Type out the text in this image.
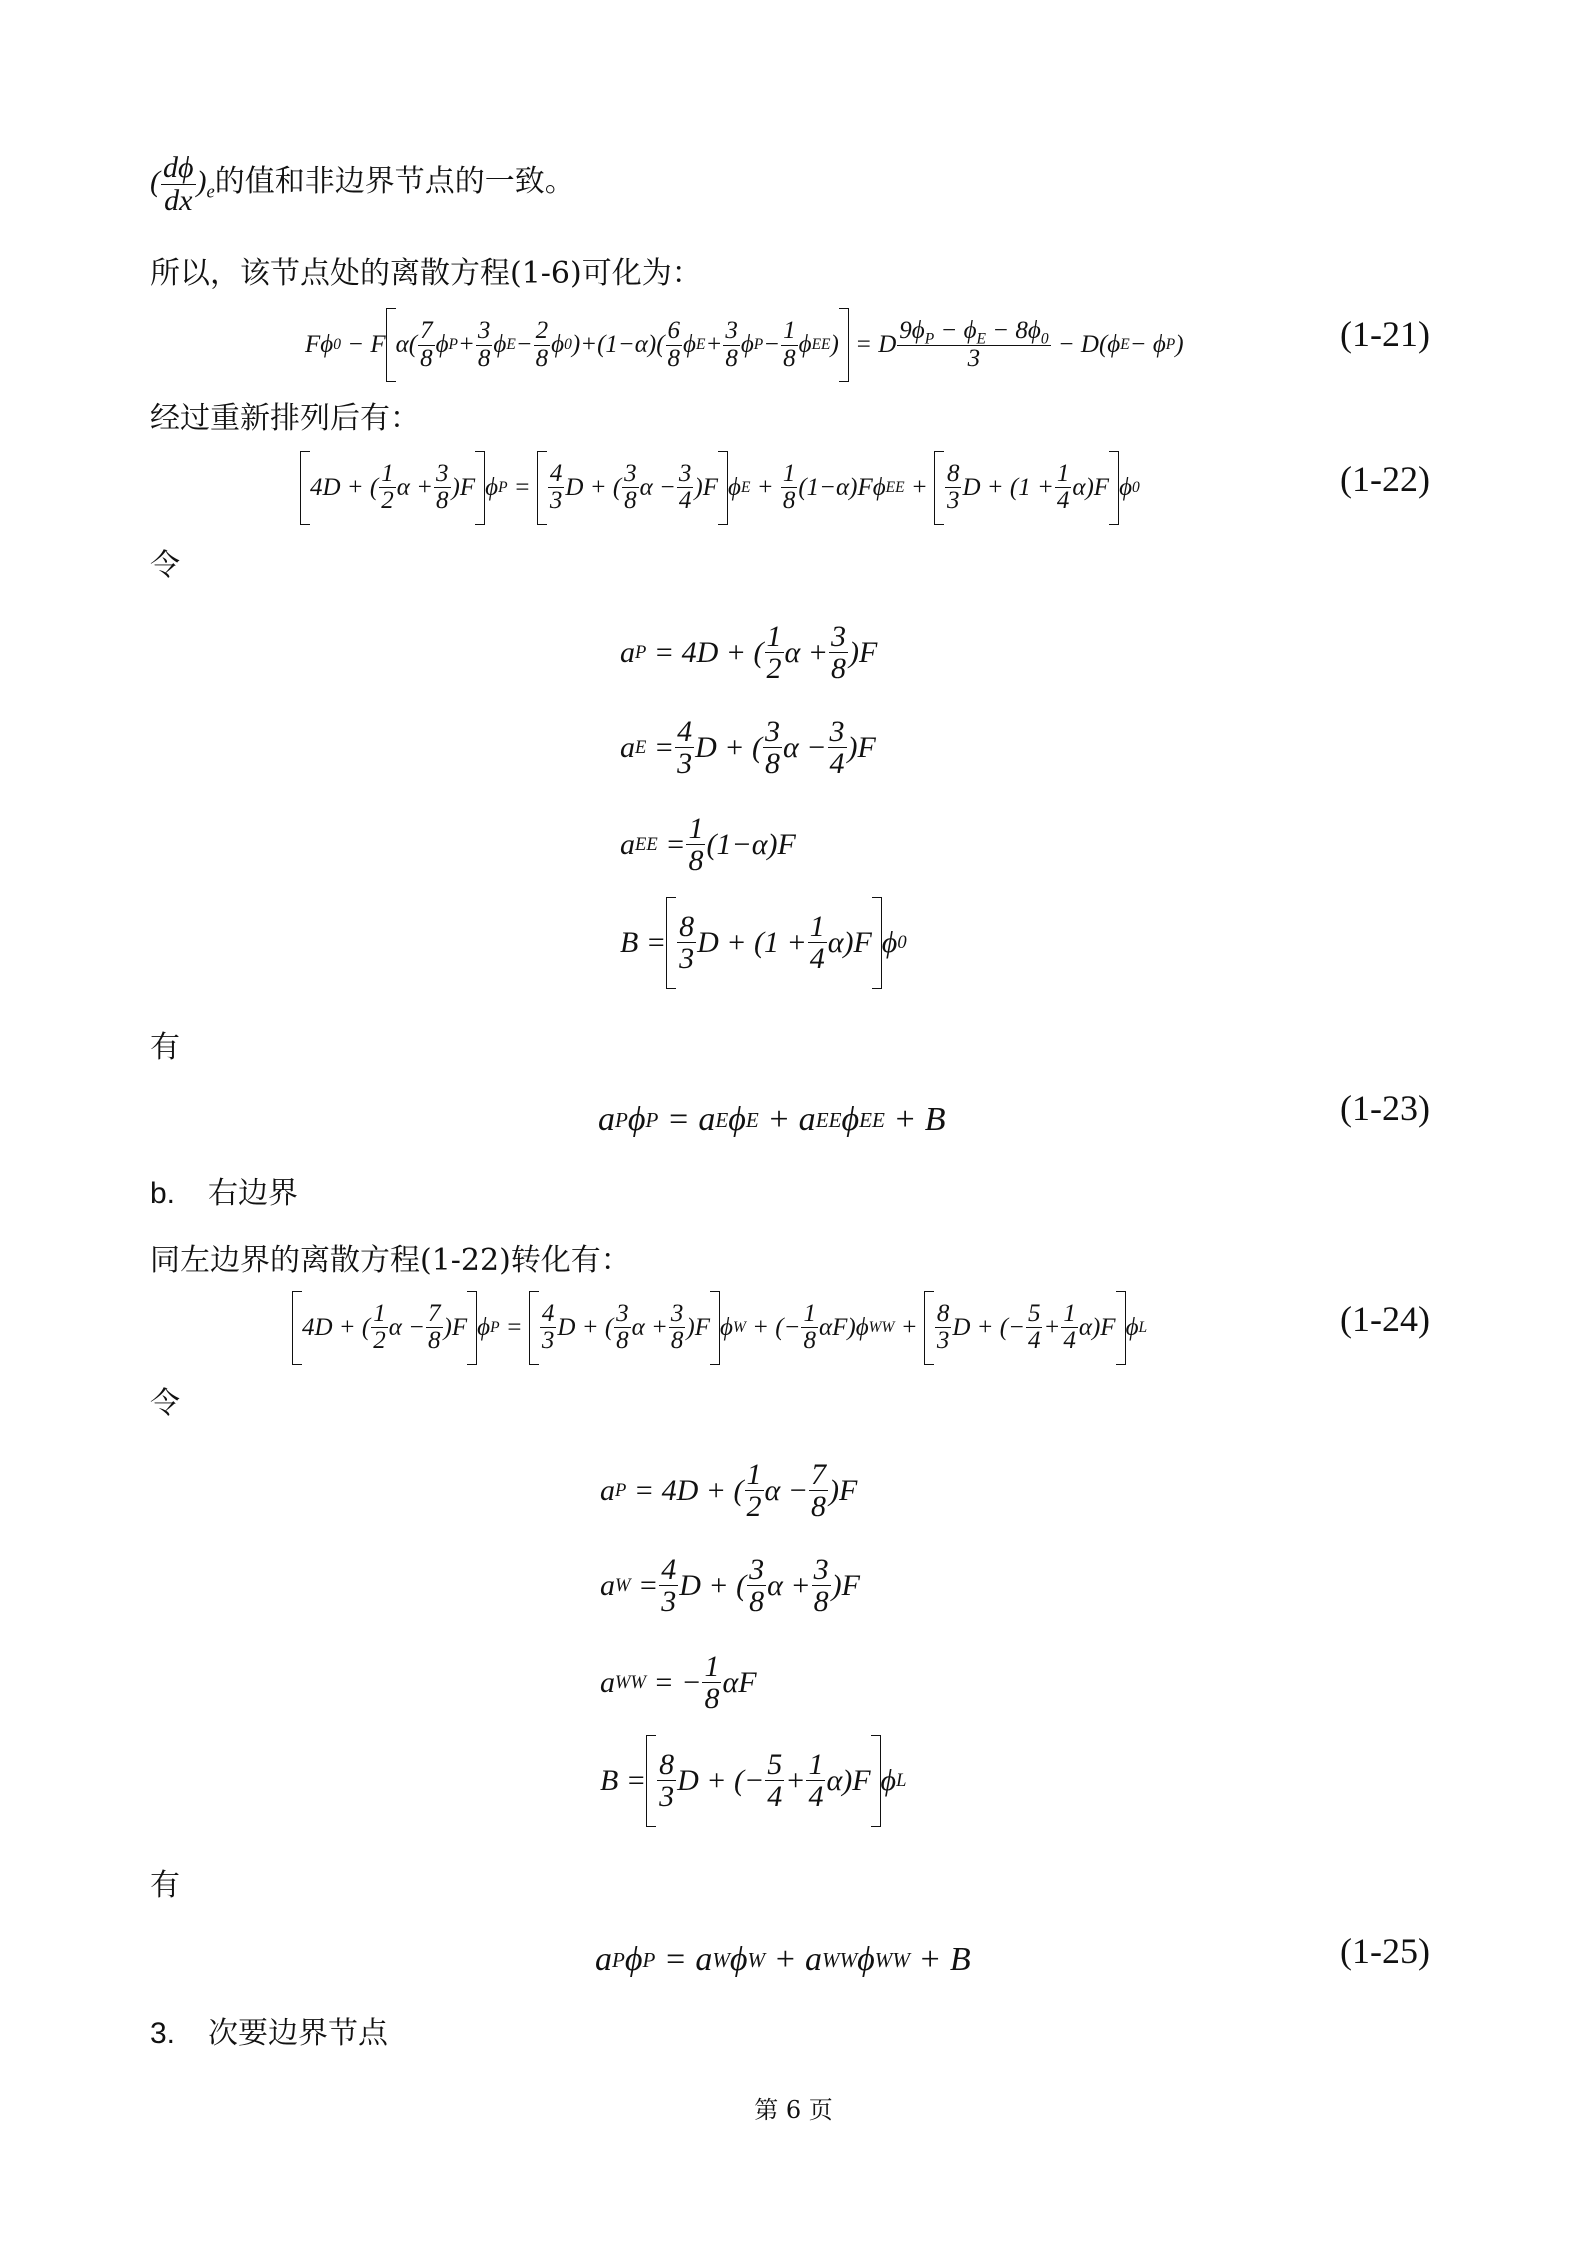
( $\frac{d\phi}{dx} )_e$的值和非边界节点的一致。
所以，该节点处的离散方程(1-6)可化为：
Fϕ 0 − F $\alpha( \frac{7}{8}$ ϕ $P + \frac{3}{8}$ ϕ $E - \frac{2}{8}$ ϕ 0 )$+(1-\alpha)( \frac{6}{8}$ ϕ $E + \frac{3}{8}$ ϕ $P - \frac{1}{8}$ ϕ EE )
= D $\frac{9\phi_P - \phi_E - 8\phi_0}{3} - D(\phi$ E − ϕ P )	(1-21)
经过重新排列后有：
4D + ( $\frac{1}{2}$ $\alpha + \frac{3}{8} )F$ ϕ $P = \frac{4}{3}$ D + ( $\frac{3}{8}$ $\alpha - \frac{3}{4} )F$ ϕ $E + \frac{1}{8} (1-\alpha)F\phi$ EE + $\frac{8}{3}$ $D + (1 + \frac{1}{4} \alpha)F$ ϕ 0	(1-22)
令
a P = 4D + ( $\frac{1}{2}$ $\alpha + \frac{3}{8} )F$
a $E = \frac{4}{3}$ D + ( $\frac{3}{8}$ $\alpha - \frac{3}{4} )F$
a EE = $\frac{1}{8} (1-\alpha)F$
$B = \frac{8}{3}$ $D + (1 + \frac{1}{4} \alpha)F$ ϕ 0
有
a P ϕ P = a E ϕ E + a EE ϕ EE + B	(1-23)
b. 右边界
同左边界的离散方程(1-22)转化有：
4D + ( $\frac{1}{2}$ $\alpha - \frac{7}{8} )F$ ϕ $P = \frac{4}{3}$ D + ( $\frac{3}{8}$ $\alpha + \frac{3}{8} )F$ ϕ W + (− $\frac{1}{8} \alpha F)\phi$ WW + $\frac{8}{3}$ D + (− $\frac{5}{4} + \frac{1}{4} \alpha)F$ ϕ L	(1-24)
令
a P = 4D + ( $\frac{1}{2}$ $\alpha - \frac{7}{8} )F$
a $W = \frac{4}{3}$ D + ( $\frac{3}{8}$ $\alpha + \frac{3}{8} )F$
a WW = − $\frac{1}{8}$ αF
$B = \frac{8}{3}$ D + (− $\frac{5}{4} + \frac{1}{4} \alpha)F$ ϕ L
有
a P ϕ P = a W ϕ W + a WW ϕ WW + B	(1-25)
3. 次要边界节点
第 6 页
